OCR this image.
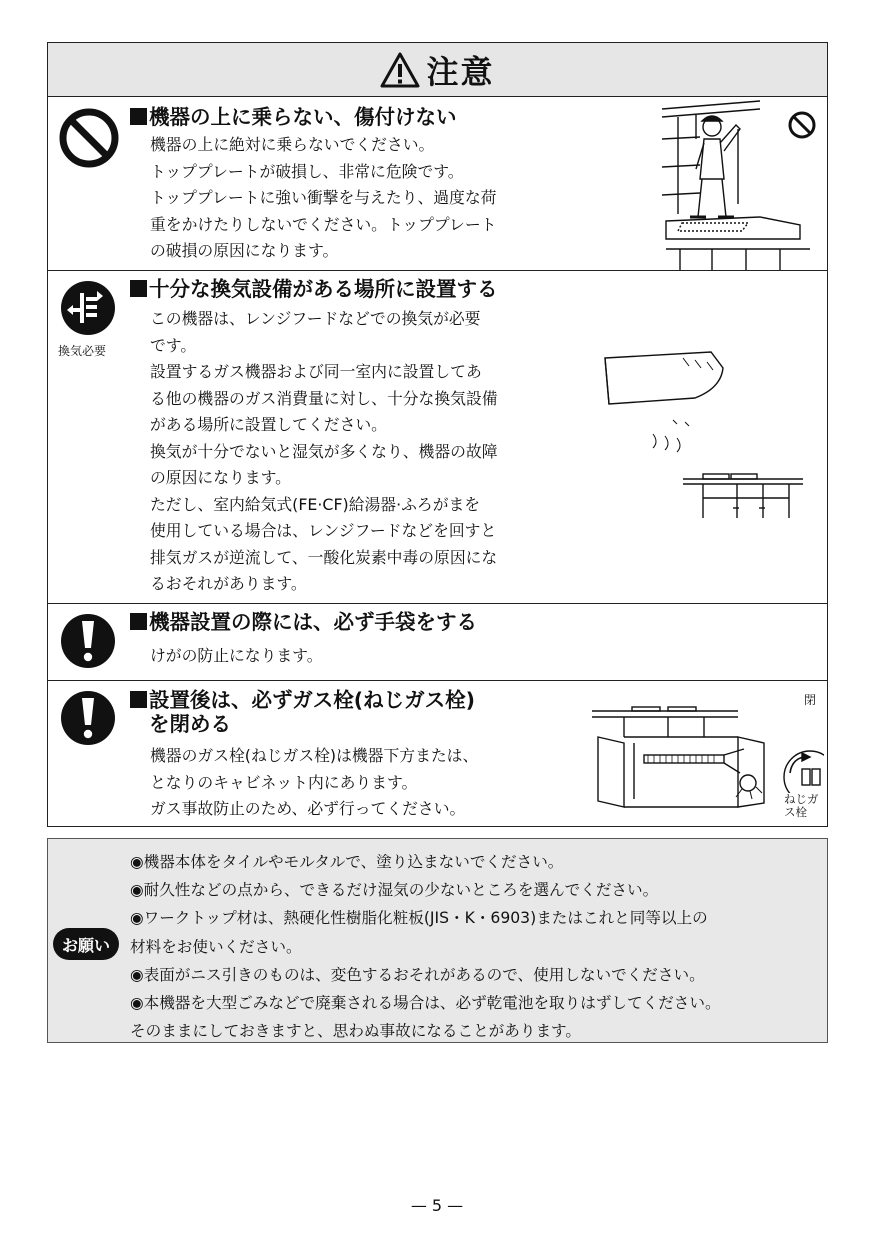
注意
機器の上に乗らない、傷付けない
機器の上に絶対に乗らないでください。
トッププレートが破損し、非常に危険です。
トッププレートに強い衝撃を与えたり、過度な荷
重をかけたりしないでください。トッププレート
の破損の原因になります。
換気必要
十分な換気設備がある場所に設置する
この機器は、レンジフードなどでの換気が必要
です。
設置するガス機器および同一室内に設置してあ
る他の機器のガス消費量に対し、十分な換気設備
がある場所に設置してください。
換気が十分でないと湿気が多くなり、機器の故障
の原因になります。
ただし、室内給気式(FE·CF)給湯器·ふろがまを
使用している場合は、レンジフードなどを回すと
排気ガスが逆流して、一酸化炭素中毒の原因にな
るおそれがあります。
機器設置の際には、必ず手袋をする
けがの防止になります。
設置後は、必ずガス栓(ねじガス栓)
を閉める
機器のガス栓(ねじガス栓)は機器下方または、
となりのキャビネット内にあります。
ガス事故防止のため、必ず行ってください。
閉
ねじガス栓
お願い
◉機器本体をタイルやモルタルで、塗り込まないでください。
◉耐久性などの点から、できるだけ湿気の少ないところを選んでください。
◉ワークトップ材は、熱硬化性樹脂化粧板(JIS・K・6903)またはこれと同等以上の
材料をお使いください。
◉表面がニス引きのものは、変色するおそれがあるので、使用しないでください。
◉本機器を大型ごみなどで廃棄される場合は、必ず乾電池を取りはずしてください。
そのままにしておきますと、思わぬ事故になることがあります。
— 5 —
